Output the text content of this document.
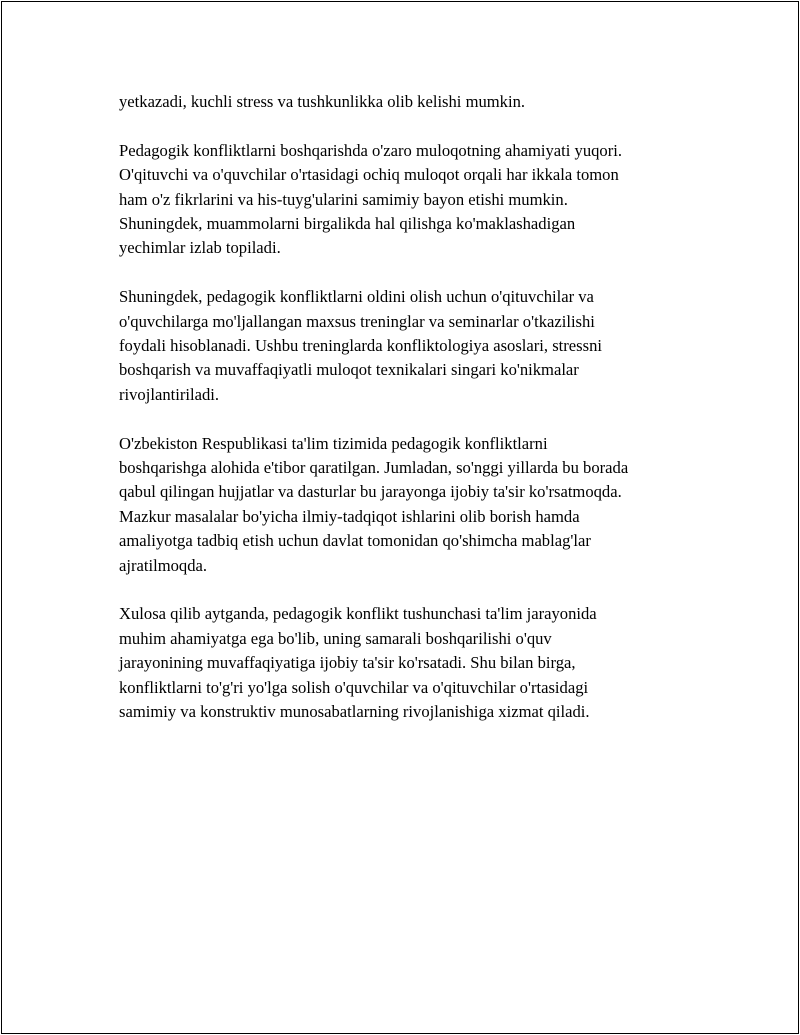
yetkazadi, kuchli stress va tushkunlikka olib kelishi mumkin.

Pedagogik konfliktlarni boshqarishda o'zaro muloqotning ahamiyati yuqori.
O'qituvchi va o'quvchilar o'rtasidagi ochiq muloqot orqali har ikkala tomon
ham o'z fikrlarini va his-tuyg'ularini samimiy bayon etishi mumkin.
Shuningdek, muammolarni birgalikda hal qilishga ko'maklashadigan
yechimlar izlab topiladi.

Shuningdek, pedagogik konfliktlarni oldini olish uchun o'qituvchilar va
o'quvchilarga mo'ljallangan maxsus treninglar va seminarlar o'tkazilishi
foydali hisoblanadi. Ushbu treninglarda konfliktologiya asoslari, stressni
boshqarish va muvaffaqiyatli muloqot texnikalari singari ko'nikmalar
rivojlantiriladi.

O'zbekiston Respublikasi ta'lim tizimida pedagogik konfliktlarni
boshqarishga alohida e'tibor qaratilgan. Jumladan, so'nggi yillarda bu borada
qabul qilingan hujjatlar va dasturlar bu jarayonga ijobiy ta'sir ko'rsatmoqda.
Mazkur masalalar bo'yicha ilmiy-tadqiqot ishlarini olib borish hamda
amaliyotga tadbiq etish uchun davlat tomonidan qo'shimcha mablag'lar
ajratilmoqda.

Xulosa qilib aytganda, pedagogik konflikt tushunchasi ta'lim jarayonida
muhim ahamiyatga ega bo'lib, uning samarali boshqarilishi o'quv
jarayonining muvaffaqiyatiga ijobiy ta'sir ko'rsatadi. Shu bilan birga,
konfliktlarni to'g'ri yo'lga solish o'quvchilar va o'qituvchilar o'rtasidagi
samimiy va konstruktiv munosabatlarning rivojlanishiga xizmat qiladi.
